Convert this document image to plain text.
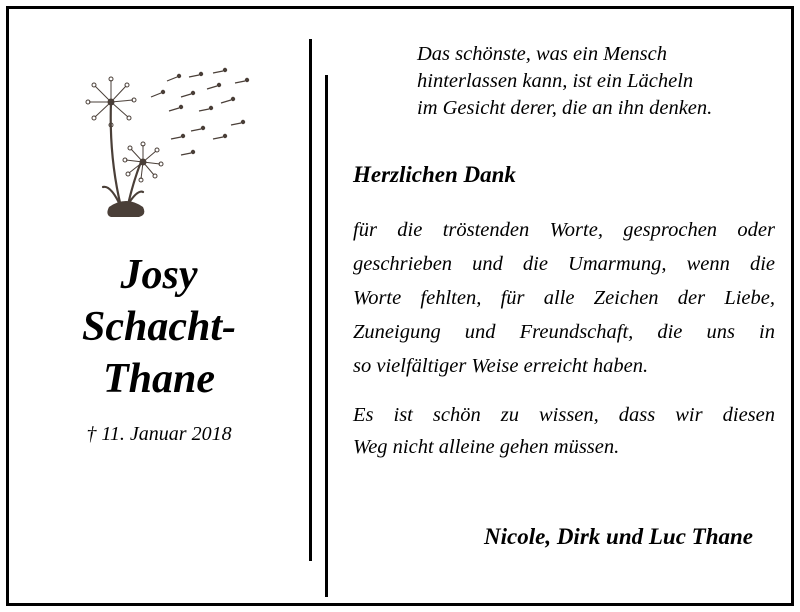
Josy
Schacht-
Thane
† 11. Januar 2018
Das schönste, was ein Mensch
hinterlassen kann, ist ein Lächeln
im Gesicht derer, die an ihn denken.
Herzlichen Dank
für die tröstenden Worte, gesprochen oder
geschrieben und die Umarmung, wenn die
Worte fehlten, für alle Zeichen der Liebe,
Zuneigung und Freundschaft, die uns in
so vielfältiger Weise erreicht haben.
Es ist schön zu wissen, dass wir diesen
Weg nicht alleine gehen müssen.
Nicole, Dirk und Luc Thane
